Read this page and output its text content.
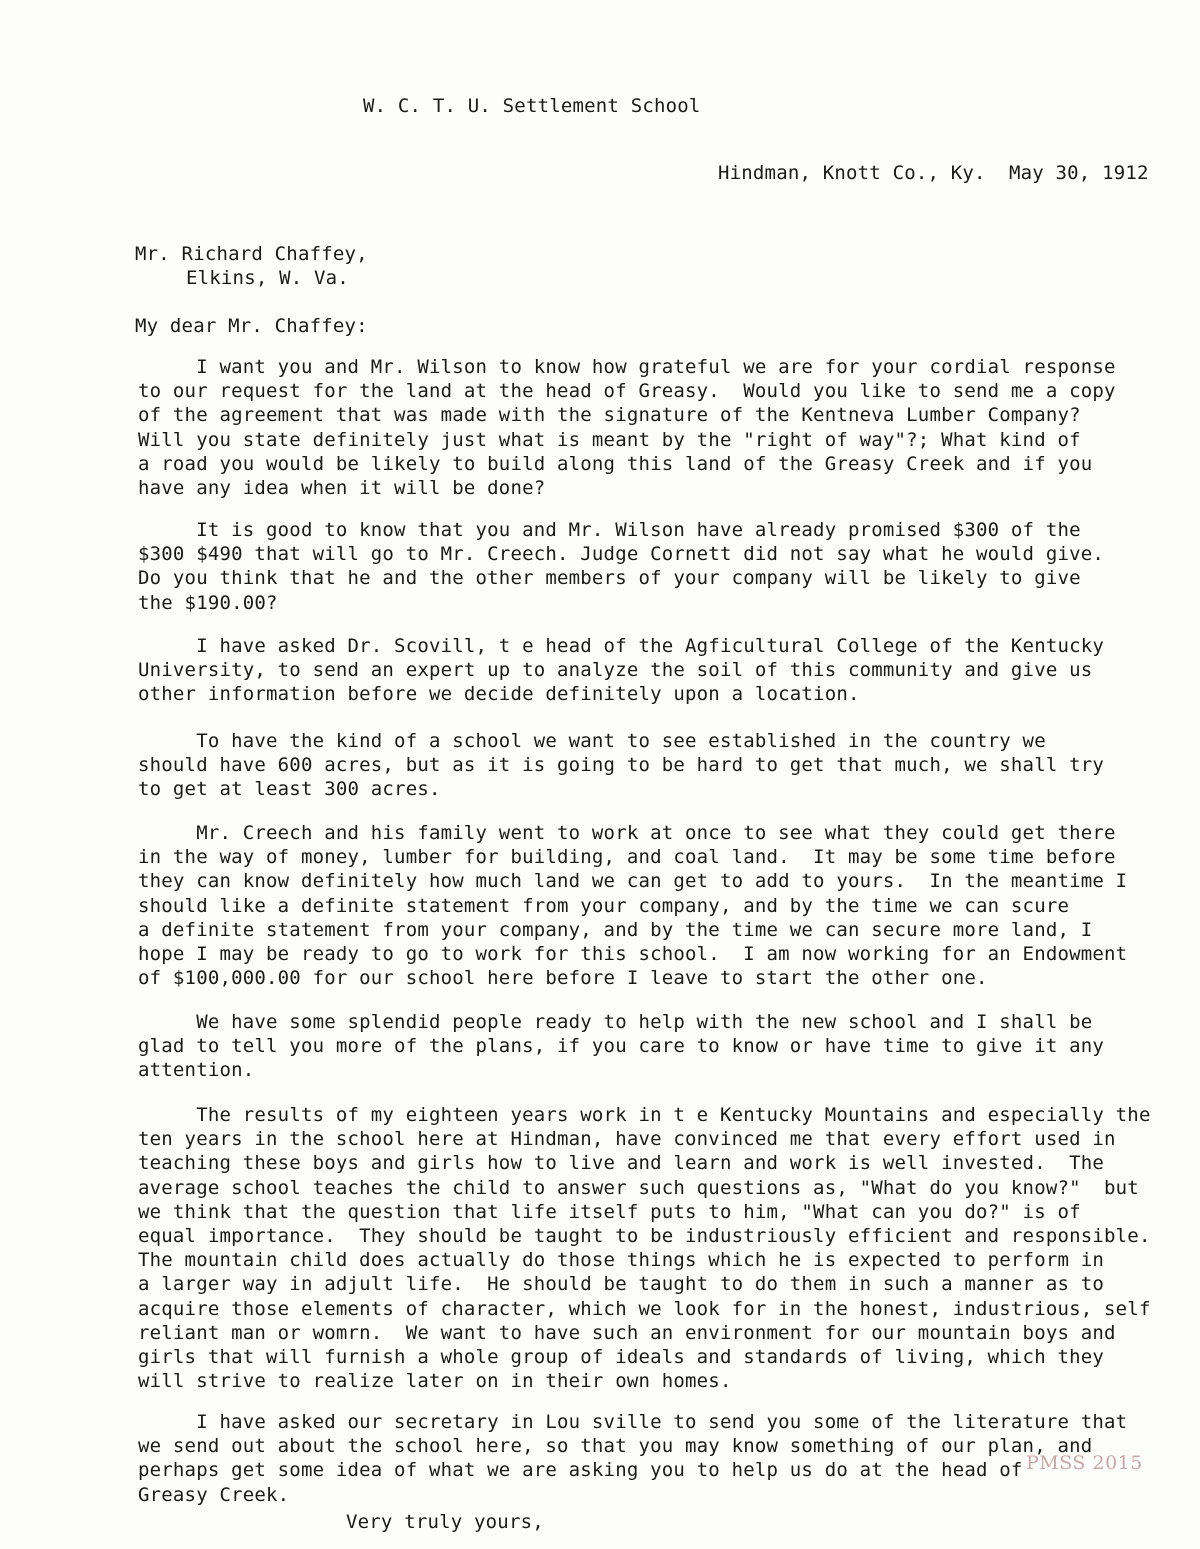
W. C. T. U. Settlement School
Hindman, Knott Co., Ky.  May 30, 1912
Mr. Richard Chaffey,
Elkins, W. Va.
My dear Mr. Chaffey:
I want you and Mr. Wilson to know how grateful we are for your cordial response
to our request for the land at the head of Greasy.  Would you like to send me a copy
of the agreement that was made with the signature of the Kentneva Lumber Company?
Will you state definitely just what is meant by the "right of way"?; What kind of
a road you would be likely to build along this land of the Greasy Creek and if you
have any idea when it will be done?
It is good to know that you and Mr. Wilson have already promised $300 of the
$300 $490 that will go to Mr. Creech. Judge Cornett did not say what he would give.
Do you think that he and the other members of your company will be likely to give
the $190.00?
I have asked Dr. Scovill, t e head of the Agficultural College of the Kentucky
University, to send an expert up to analyze the soil of this community and give us
other information before we decide definitely upon a location.
To have the kind of a school we want to see established in the country we
should have 600 acres, but as it is going to be hard to get that much, we shall try
to get at least 300 acres.
Mr. Creech and his family went to work at once to see what they could get there
in the way of money, lumber for building, and coal land.  It may be some time before
they can know definitely how much land we can get to add to yours.  In the meantime I
should like a definite statement from your company, and by the time we can scure
a definite statement from your company, and by the time we can secure more land, I
hope I may be ready to go to work for this school.  I am now working for an Endowment
of $100,000.00 for our school here before I leave to start the other one.
We have some splendid people ready to help with the new school and I shall be
glad to tell you more of the plans, if you care to know or have time to give it any
attention.
The results of my eighteen years work in t e Kentucky Mountains and especially the
ten years in the school here at Hindman, have convinced me that every effort used in
teaching these boys and girls how to live and learn and work is well invested.  The
average school teaches the child to answer such questions as, "What do you know?"  but
we think that the question that life itself puts to him, "What can you do?" is of
equal importance.  They should be taught to be industriously efficient and responsible.
The mountain child does actually do those things which he is expected to perform in
a larger way in adjult life.  He should be taught to do them in such a manner as to
acquire those elements of character, which we look for in the honest, industrious, self
reliant man or womrn.  We want to have such an environment for our mountain boys and
girls that will furnish a whole group of ideals and standards of living, which they
will strive to realize later on in their own homes.
I have asked our secretary in Lou sville to send you some of the literature that
we send out about the school here, so that you may know something of our plan, and
perhaps get some idea of what we are asking you to help us do at the head of
Greasy Creek.
Very truly yours,
PMSS 2015
